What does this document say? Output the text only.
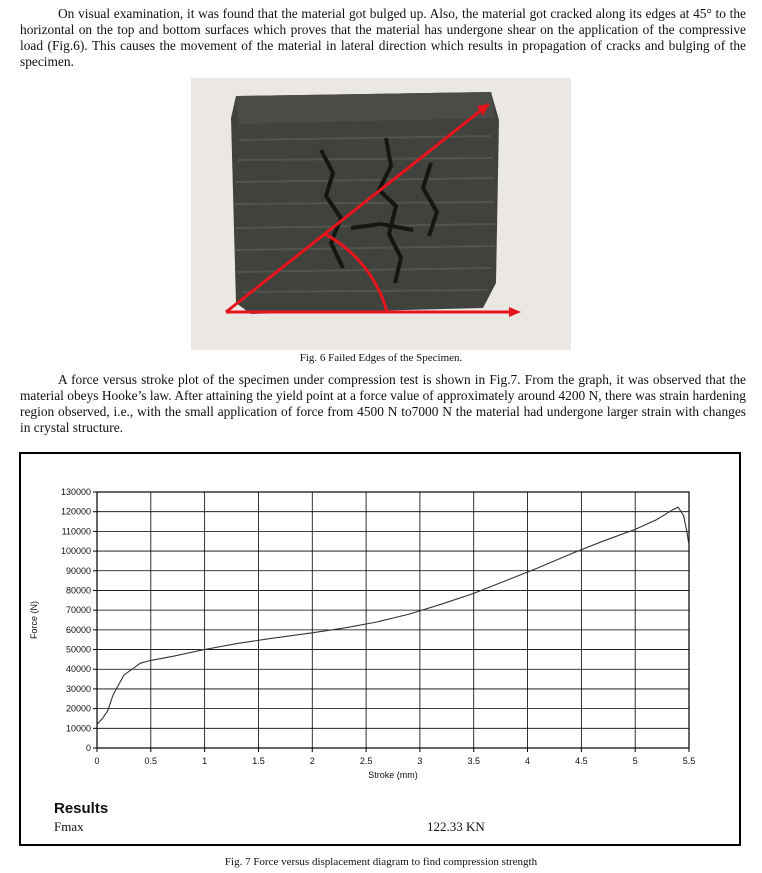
On visual examination, it was found that the material got bulged up. Also, the material got cracked along its edges at 45° to the horizontal on the top and bottom surfaces which proves that the material has undergone shear on the application of the compressive load (Fig.6). This causes the movement of the material in lateral direction which results in propagation of cracks and bulging of the specimen.

Fig. 6 Failed Edges of the Specimen.

A force versus stroke plot of the specimen under compression test is shown in Fig.7. From the graph, it was observed that the material obeys Hooke’s law. After attaining the yield point at a force value of approximately around 4200 N, there was strain hardening region observed, i.e., with the small application of force from 4500 N to7000 N the material had undergone larger strain with changes in crystal structure.

0
10000
20000
30000
40000
50000
60000
70000
80000
90000
100000
110000
120000
130000
0	0.5	1	1.5	2	2.5	3	3.5	4	4.5	5	5.5
Stroke (mm)
Force (N)
Results
Fmax	122.33 KN
Fig. 7 Force versus displacement diagram to find compression strength
